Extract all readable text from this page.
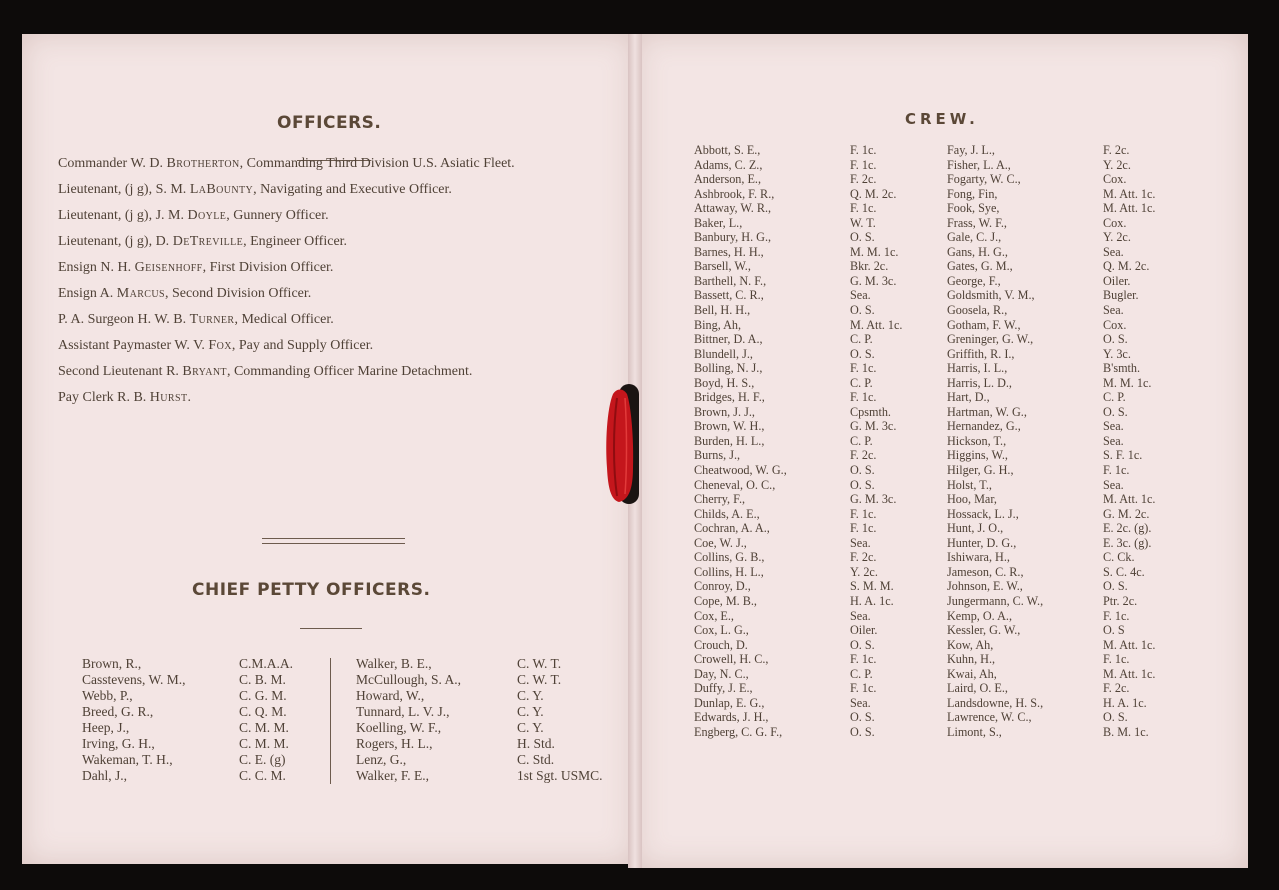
OFFICERS.

Commander W. D. Brotherton, Commanding Third Division U.S. Asiatic Fleet.

Lieutenant, (j g), S. M. LaBounty, Navigating and Executive Officer.

Lieutenant, (j g), J. M. Doyle, Gunnery Officer.

Lieutenant, (j g), D. DeTreville, Engineer Officer.

Ensign N. H. Geisenhoff, First Division Officer.

Ensign A. Marcus, Second Division Officer.

P. A. Surgeon H. W. B. Turner, Medical Officer.

Assistant Paymaster W. V. Fox, Pay and Supply Officer.

Second Lieutenant R. Bryant, Commanding Officer Marine Detachment.

Pay Clerk R. B. Hurst.

CHIEF PETTY OFFICERS.
Brown, R.,
Casstevens, W. M.,
Webb, P.,
Breed, G. R.,
Heep, J.,
Irving, G. H.,
Wakeman, T. H.,
Dahl, J.,
C.M.A.A.
C. B. M.
C. G. M.
C. Q. M.
C. M. M.
C. M. M.
C. E. (g)
C. C. M.
Walker, B. E.,
McCullough, S. A.,
Howard, W.,
Tunnard, L. V. J.,
Koelling, W. F.,
Rogers, H. L.,
Lenz, G.,
Walker, F. E.,
C. W. T.
C. W. T.
C. Y.
C. Y.
C. Y.
H. Std.
C. Std.
1st Sgt. USMC.
CREW.
Abbott, S. E.,
Adams, C. Z.,
Anderson, E.,
Ashbrook, F. R.,
Attaway, W. R.,
Baker, L.,
Banbury, H. G.,
Barnes, H. H.,
Barsell, W.,
Barthell, N. F.,
Bassett, C. R.,
Bell, H. H.,
Bing, Ah,
Bittner, D. A.,
Blundell, J.,
Bolling, N. J.,
Boyd, H. S.,
Bridges, H. F.,
Brown, J. J.,
Brown, W. H.,
Burden, H. L.,
Burns, J.,
Cheatwood, W. G.,
Cheneval, O. C.,
Cherry, F.,
Childs, A. E.,
Cochran, A. A.,
Coe, W. J.,
Collins, G. B.,
Collins, H. L.,
Conroy, D.,
Cope, M. B.,
Cox, E.,
Cox, L. G.,
Crouch, D.
Crowell, H. C.,
Day, N. C.,
Duffy, J. E.,
Dunlap, E. G.,
Edwards, J. H.,
Engberg, C. G. F.,
F. 1c.
F. 1c.
F. 2c.
Q. M. 2c.
F. 1c.
W. T.
O. S.
M. M. 1c.
Bkr. 2c.
G. M. 3c.
Sea.
O. S.
M. Att. 1c.
C. P.
O. S.
F. 1c.
C. P.
F. 1c.
Cpsmth.
G. M. 3c.
C. P.
F. 2c.
O. S.
O. S.
G. M. 3c.
F. 1c.
F. 1c.
Sea.
F. 2c.
Y. 2c.
S. M. M.
H. A. 1c.
Sea.
Oiler.
O. S.
F. 1c.
C. P.
F. 1c.
Sea.
O. S.
O. S.
Fay, J. L.,
Fisher, L. A.,
Fogarty, W. C.,
Fong, Fin,
Fook, Sye,
Frass, W. F.,
Gale, C. J.,
Gans, H. G.,
Gates, G. M.,
George, F.,
Goldsmith, V. M.,
Goosela, R.,
Gotham, F. W.,
Greninger, G. W.,
Griffith, R. I.,
Harris, I. L.,
Harris, L. D.,
Hart, D.,
Hartman, W. G.,
Hernandez, G.,
Hickson, T.,
Higgins, W.,
Hilger, G. H.,
Holst, T.,
Hoo, Mar,
Hossack, L. J.,
Hunt, J. O.,
Hunter, D. G.,
Ishiwara, H.,
Jameson, C. R.,
Johnson, E. W.,
Jungermann, C. W.,
Kemp, O. A.,
Kessler, G. W.,
Kow, Ah,
Kuhn, H.,
Kwai, Ah,
Laird, O. E.,
Landsdowne, H. S.,
Lawrence, W. C.,
Limont, S.,
F. 2c.
Y. 2c.
Cox.
M. Att. 1c.
M. Att. 1c.
Cox.
Y. 2c.
Sea.
Q. M. 2c.
Oiler.
Bugler.
Sea.
Cox.
O. S.
Y. 3c.
B'smth.
M. M. 1c.
C. P.
O. S.
Sea.
Sea.
S. F. 1c.
F. 1c.
Sea.
M. Att. 1c.
G. M. 2c.
E. 2c. (g).
E. 3c. (g).
C. Ck.
S. C. 4c.
O. S.
Ptr. 2c.
F. 1c.
O. S
M. Att. 1c.
F. 1c.
M. Att. 1c.
F. 2c.
H. A. 1c.
O. S.
B. M. 1c.
